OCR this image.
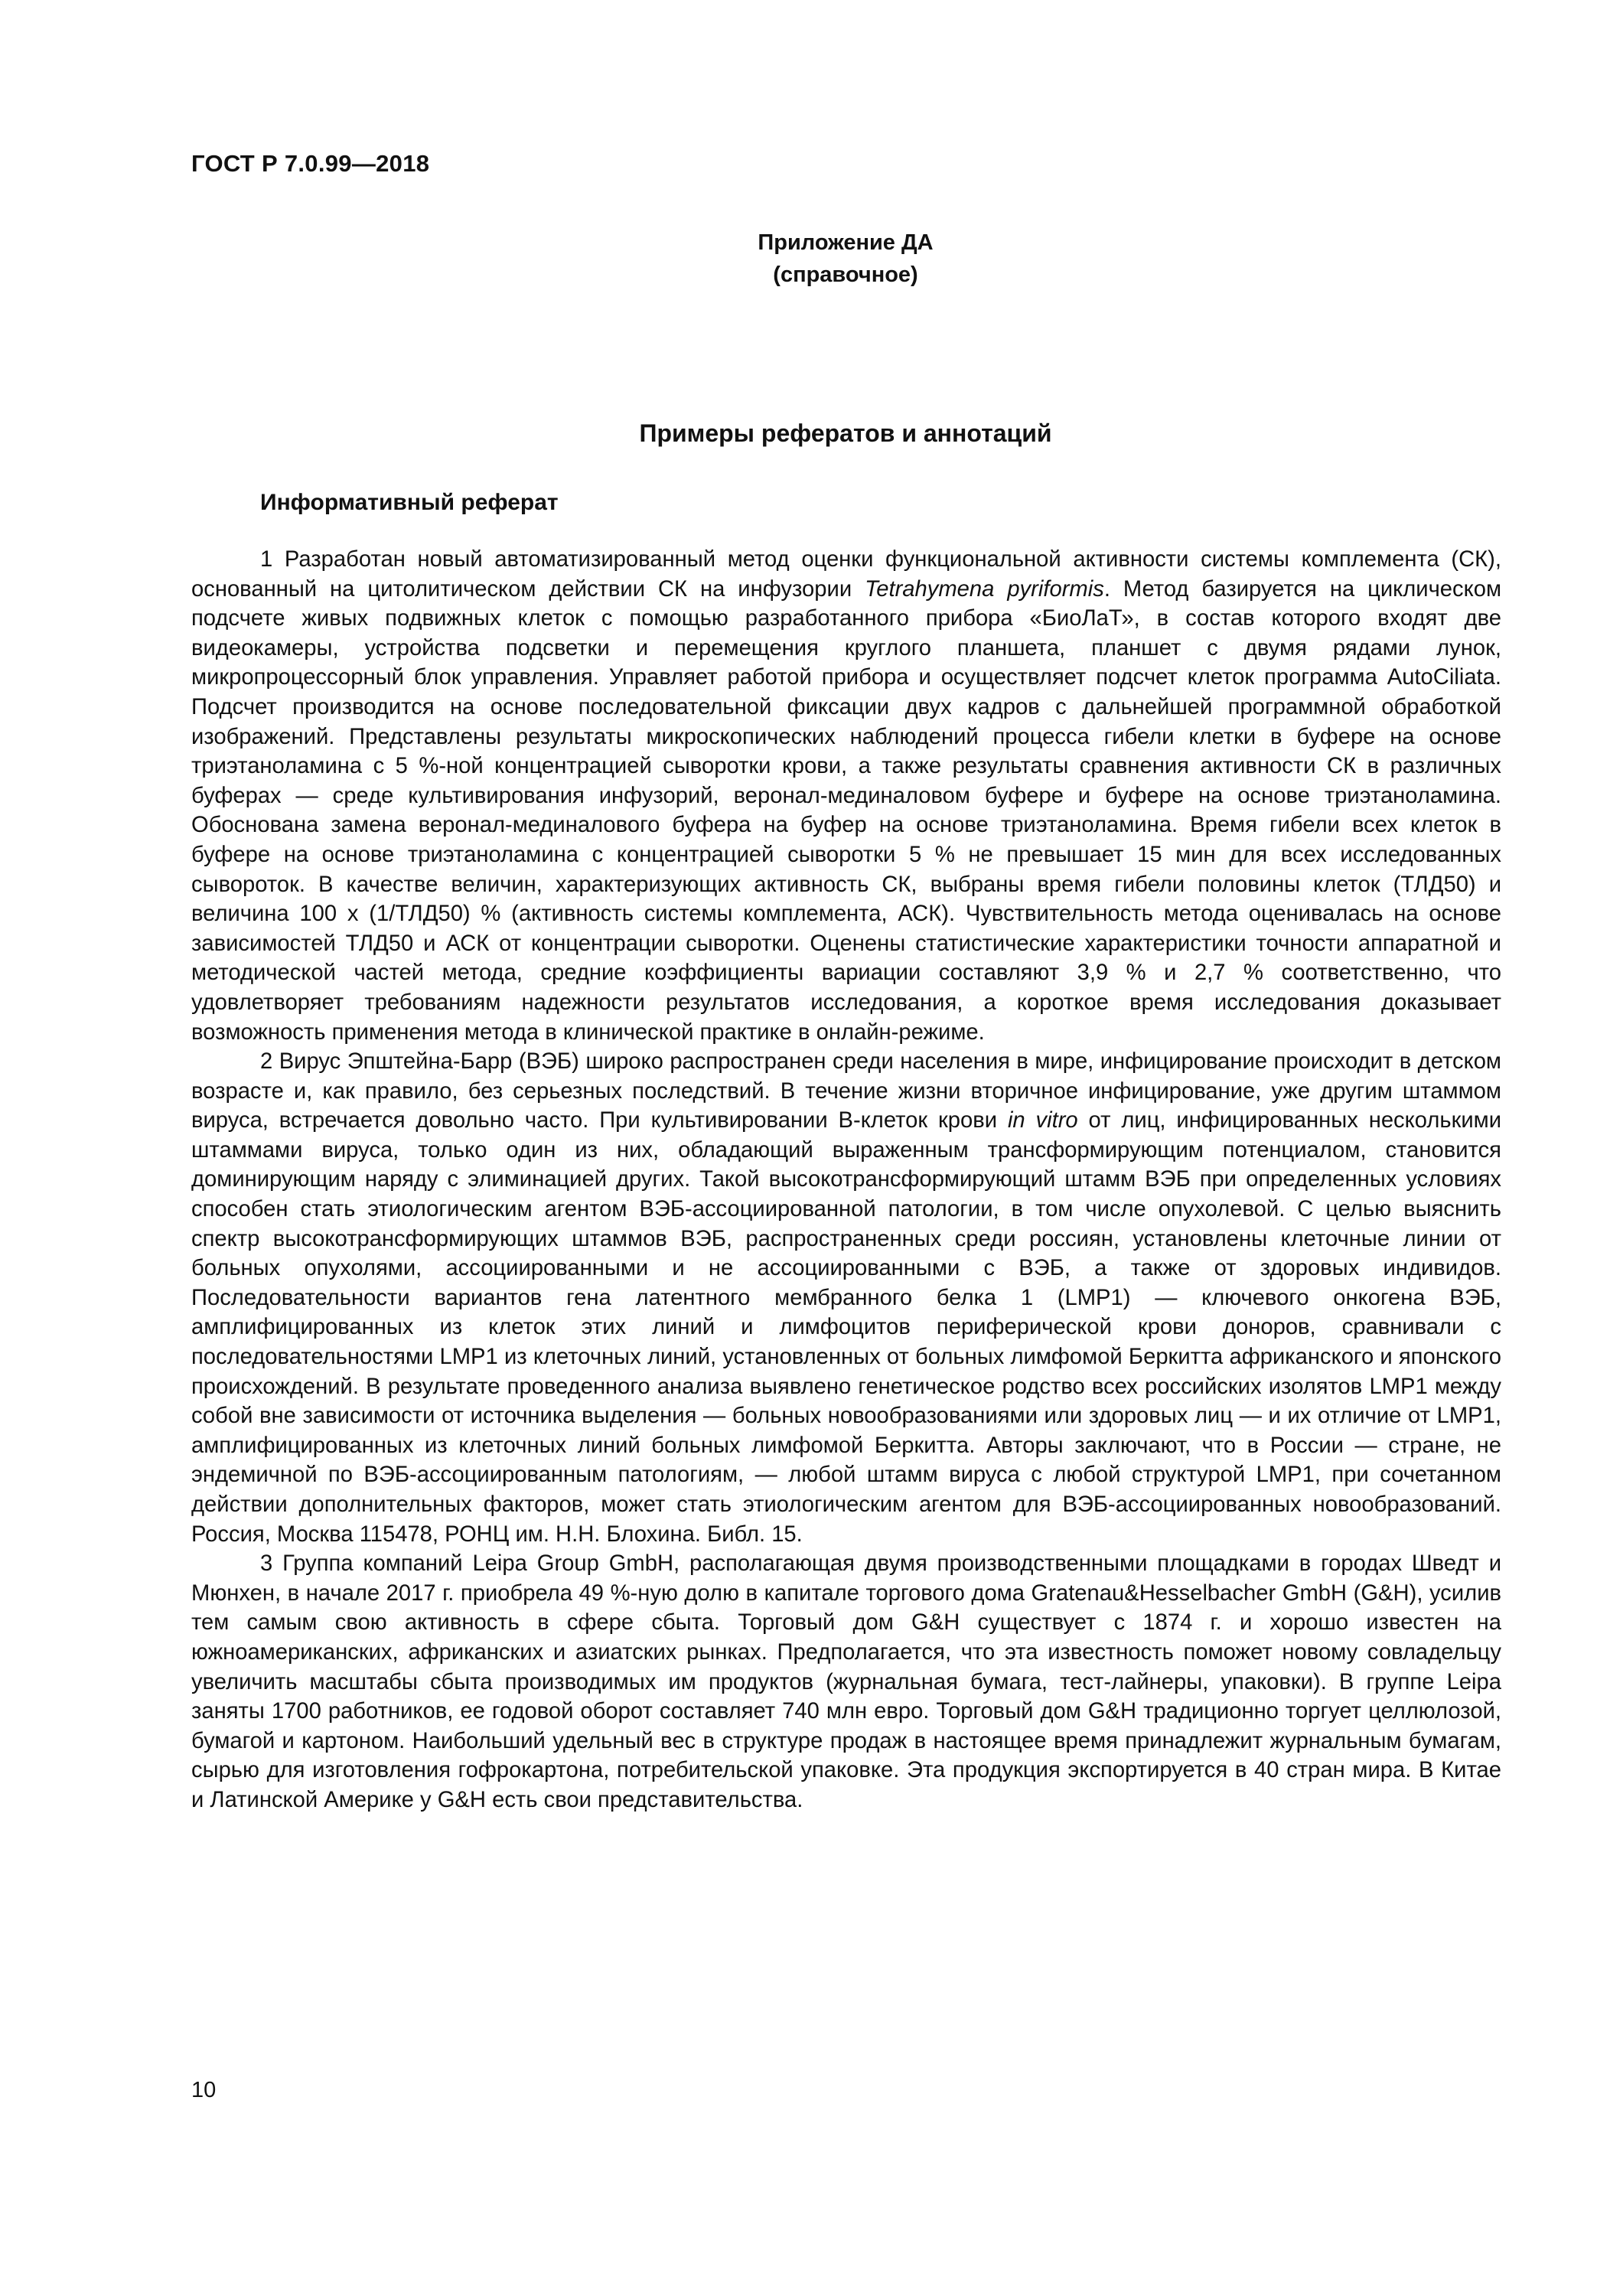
ГОСТ Р 7.0.99—2018
Приложение ДА
(справочное)
Примеры рефератов и аннотаций
Информативный реферат

1 Разработан новый автоматизированный метод оценки функциональной активности системы комплемента (СК), основанный на цитолитическом действии СК на инфузории Tetrahymena pyriformis. Метод базируется на циклическом подсчете живых подвижных клеток с помощью разработанного прибора «БиоЛаТ», в состав которого входят две видеокамеры, устройства подсветки и перемещения круглого планшета, планшет с двумя рядами лунок, микропроцессорный блок управления. Управляет работой прибора и осуществляет подсчет клеток программа AutoCiliata. Подсчет производится на основе последовательной фиксации двух кадров с дальнейшей программной обработкой изображений. Представлены результаты микроскопических наблюдений процесса гибели клетки в буфере на основе триэтаноламина с 5 %-ной концентрацией сыворотки крови, а также результаты сравнения активности СК в различных буферах — среде культивирования инфузорий, веронал-мединаловом буфере и буфере на основе триэтаноламина. Обоснована замена веронал-мединалового буфера на буфер на основе триэтаноламина. Время гибели всех клеток в буфере на основе триэтаноламина с концентрацией сыворотки 5 % не превышает 15 мин для всех исследованных сывороток. В качестве величин, характеризующих активность СК, выбраны время гибели половины клеток (ТЛД50) и величина 100 х (1/ТЛД50) % (активность системы комплемента, АСК). Чувствительность метода оценивалась на основе зависимостей ТЛД50 и АСК от концентрации сыворотки. Оценены статистические характеристики точности аппаратной и методической частей метода, средние коэффициенты вариации составляют 3,9 % и 2,7 % соответственно, что удовлетворяет требованиям надежности результатов исследования, а короткое время исследования доказывает возможность применения метода в клинической практике в онлайн-режиме.

2 Вирус Эпштейна-Барр (ВЭБ) широко распространен среди населения в мире, инфицирование происходит в детском возрасте и, как правило, без серьезных последствий. В течение жизни вторичное инфицирование, уже другим штаммом вируса, встречается довольно часто. При культивировании В-клеток крови in vitro от лиц, инфицированных несколькими штаммами вируса, только один из них, обладающий выраженным трансформирующим потенциалом, становится доминирующим наряду с элиминацией других. Такой высокотрансформирующий штамм ВЭБ при определенных условиях способен стать этиологическим агентом ВЭБ-ассоциированной патологии, в том числе опухолевой. С целью выяснить спектр высокотрансформирующих штаммов ВЭБ, распространенных среди россиян, установлены клеточные линии от больных опухолями, ассоциированными и не ассоциированными с ВЭБ, а также от здоровых индивидов. Последовательности вариантов гена латентного мембранного белка 1 (LMP1) — ключевого онкогена ВЭБ, амплифицированных из клеток этих линий и лимфоцитов периферической крови доноров, сравнивали с последовательностями LMP1 из клеточных линий, установленных от больных лимфомой Беркитта африканского и японского происхождений. В результате проведенного анализа выявлено генетическое родство всех российских изолятов LMP1 между собой вне зависимости от источника выделения — больных новообразованиями или здоровых лиц — и их отличие от LMP1, амплифицированных из клеточных линий больных лимфомой Беркитта. Авторы заключают, что в России — стране, не эндемичной по ВЭБ-ассоциированным патологиям, — любой штамм вируса с любой структурой LMP1, при сочетанном действии дополнительных факторов, может стать этиологическим агентом для ВЭБ-ассоциированных новообразований. Россия, Москва 115478, РОНЦ им. Н.Н. Блохина. Библ. 15.

3 Группа компаний Leipa Group GmbH, располагающая двумя производственными площадками в городах Шведт и Мюнхен, в начале 2017 г. приобрела 49 %-ную долю в капитале торгового дома Gratenau&Hesselbacher GmbH (G&H), усилив тем самым свою активность в сфере сбыта. Торговый дом G&H существует с 1874 г. и хорошо известен на южноамериканских, африканских и азиатских рынках. Предполагается, что эта известность поможет новому совладельцу увеличить масштабы сбыта производимых им продуктов (журнальная бумага, тест-лайнеры, упаковки). В группе Leipa заняты 1700 работников, ее годовой оборот составляет 740 млн евро. Торговый дом G&H традиционно торгует целлюлозой, бумагой и картоном. Наибольший удельный вес в структуре продаж в настоящее время принадлежит журнальным бумагам, сырью для изготовления гофрокартона, потребительской упаковке. Эта продукция экспортируется в 40 стран мира. В Китае и Латинской Америке у G&H есть свои представительства.

10
